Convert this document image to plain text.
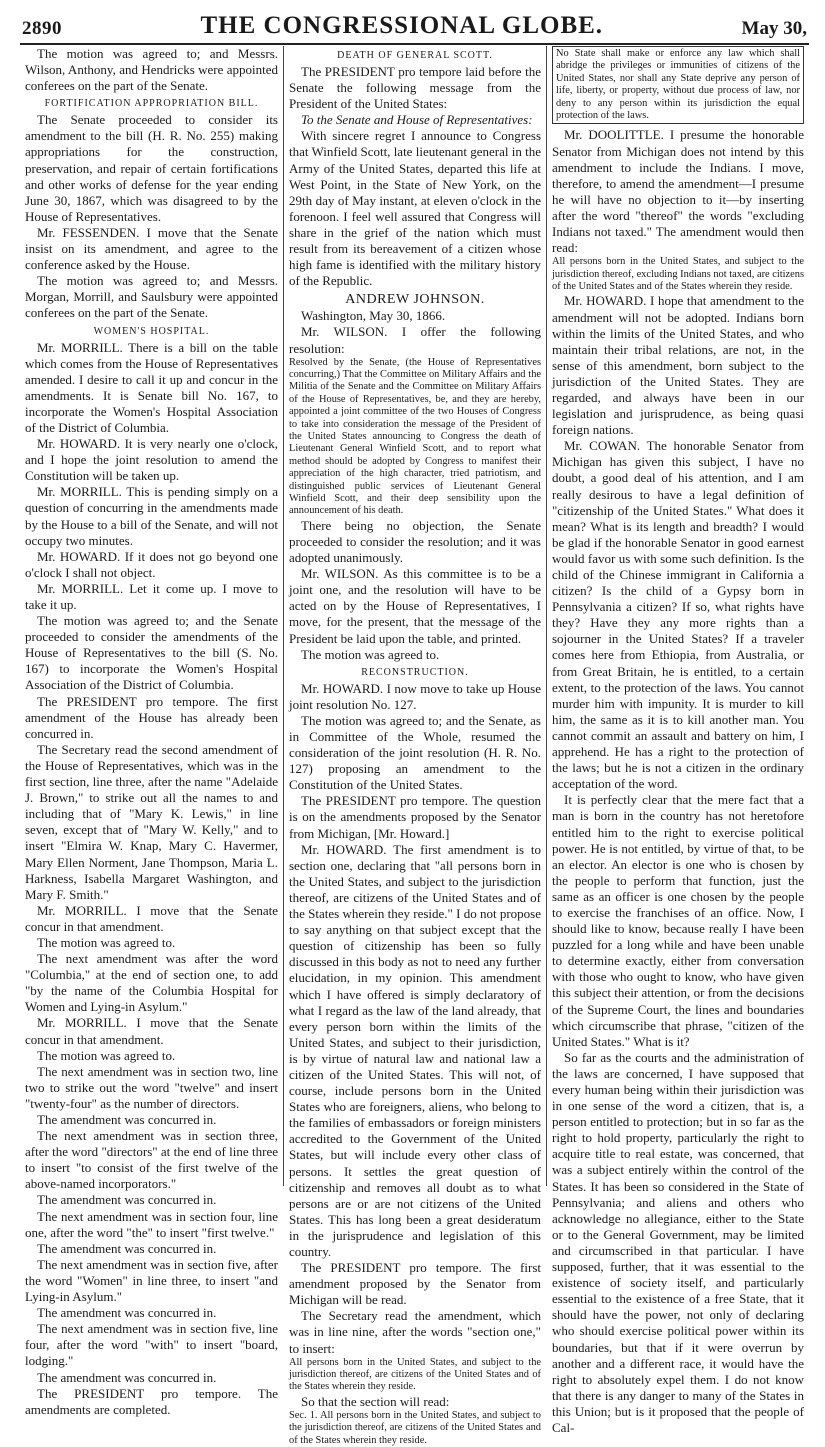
2890	THE CONGRESSIONAL GLOBE.	May 30,

The motion was agreed to; and Messrs. Wilson, Anthony, and Hendricks were appointed conferees on the part of the Senate.

FORTIFICATION APPROPRIATION BILL.

The Senate proceeded to consider its amendment to the bill (H. R. No. 255) making appropriations for the construction, preservation, and repair of certain fortifications and other works of defense for the year ending June 30, 1867, which was disagreed to by the House of Representatives.

Mr. FESSENDEN. I move that the Senate insist on its amendment, and agree to the conference asked by the House.

The motion was agreed to; and Messrs. Morgan, Morrill, and Saulsbury were appointed conferees on the part of the Senate.

WOMEN'S HOSPITAL.

Mr. MORRILL. There is a bill on the table which comes from the House of Representatives amended. I desire to call it up and concur in the amendments. It is Senate bill No. 167, to incorporate the Women's Hospital Association of the District of Columbia.

Mr. HOWARD. It is very nearly one o'clock, and I hope the joint resolution to amend the Constitution will be taken up.

Mr. MORRILL. This is pending simply on a question of concurring in the amendments made by the House to a bill of the Senate, and will not occupy two minutes.

Mr. HOWARD. If it does not go beyond one o'clock I shall not object.

Mr. MORRILL. Let it come up. I move to take it up.

The motion was agreed to; and the Senate proceeded to consider the amendments of the House of Representatives to the bill (S. No. 167) to incorporate the Women's Hospital Association of the District of Columbia.

The PRESIDENT pro tempore. The first amendment of the House has already been concurred in.

The Secretary read the second amendment of the House of Representatives, which was in the first section, line three, after the name "Adelaide J. Brown," to strike out all the names to and including that of "Mary K. Lewis," in line seven, except that of "Mary W. Kelly," and to insert "Elmira W. Knap, Mary C. Havermer, Mary Ellen Norment, Jane Thompson, Maria L. Harkness, Isabella Margaret Washington, and Mary F. Smith."

Mr. MORRILL. I move that the Senate concur in that amendment.

The motion was agreed to.

The next amendment was after the word "Columbia," at the end of section one, to add "by the name of the Columbia Hospital for Women and Lying-in Asylum."

Mr. MORRILL. I move that the Senate concur in that amendment.

The motion was agreed to.

The next amendment was in section two, line two to strike out the word "twelve" and insert "twenty-four" as the number of directors.

The amendment was concurred in.

The next amendment was in section three, after the word "directors" at the end of line three to insert "to consist of the first twelve of the above-named incorporators."

The amendment was concurred in.

The next amendment was in section four, line one, after the word "the" to insert "first twelve."

The amendment was concurred in.

The next amendment was in section five, after the word "Women" in line three, to insert "and Lying-in Asylum."

The amendment was concurred in.

The next amendment was in section five, line four, after the word "with" to insert "board, lodging."

The amendment was concurred in.

The PRESIDENT pro tempore. The amendments are completed.

DEATH OF GENERAL SCOTT.

The PRESIDENT pro tempore laid before the Senate the following message from the President of the United States:

To the Senate and House of Representatives:

With sincere regret I announce to Congress that Winfield Scott, late lieutenant general in the Army of the United States, departed this life at West Point, in the State of New York, on the 29th day of May instant, at eleven o'clock in the forenoon. I feel well assured that Congress will share in the grief of the nation which must result from its bereavement of a citizen whose high fame is identified with the military history of the Republic.

ANDREW JOHNSON.

Washington, May 30, 1866.

Mr. WILSON. I offer the following resolution:

Resolved by the Senate, (the House of Representatives concurring,) That the Committee on Military Affairs and the Militia of the Senate and the Committee on Military Affairs of the House of Representatives, be, and they are hereby, appointed a joint committee of the two Houses of Congress to take into consideration the message of the President of the United States announcing to Congress the death of Lieutenant General Winfield Scott, and to report what method should be adopted by Congress to manifest their appreciation of the high character, tried patriotism, and distinguished public services of Lieutenant General Winfield Scott, and their deep sensibility upon the announcement of his death.

There being no objection, the Senate proceeded to consider the resolution; and it was adopted unanimously.

Mr. WILSON. As this committee is to be a joint one, and the resolution will have to be acted on by the House of Representatives, I move, for the present, that the message of the President be laid upon the table, and printed.

The motion was agreed to.

RECONSTRUCTION.

Mr. HOWARD. I now move to take up House joint resolution No. 127.

The motion was agreed to; and the Senate, as in Committee of the Whole, resumed the consideration of the joint resolution (H. R. No. 127) proposing an amendment to the Constitution of the United States.

The PRESIDENT pro tempore. The question is on the amendments proposed by the Senator from Michigan, [Mr. Howard.]

Mr. HOWARD. The first amendment is to section one, declaring that "all persons born in the United States, and subject to the jurisdiction thereof, are citizens of the United States and of the States wherein they reside." I do not propose to say anything on that subject except that the question of citizenship has been so fully discussed in this body as not to need any further elucidation, in my opinion. This amendment which I have offered is simply declaratory of what I regard as the law of the land already, that every person born within the limits of the United States, and subject to their jurisdiction, is by virtue of natural law and national law a citizen of the United States. This will not, of course, include persons born in the United States who are foreigners, aliens, who belong to the families of embassadors or foreign ministers accredited to the Government of the United States, but will include every other class of persons. It settles the great question of citizenship and removes all doubt as to what persons are or are not citizens of the United States. This has long been a great desideratum in the jurisprudence and legislation of this country.

The PRESIDENT pro tempore. The first amendment proposed by the Senator from Michigan will be read.

The Secretary read the amendment, which was in line nine, after the words "section one," to insert:

All persons born in the United States, and subject to the jurisdiction thereof, are citizens of the United States and of the States wherein they reside.

So that the section will read:

Sec. 1. All persons born in the United States, and subject to the jurisdiction thereof, are citizens of the United States and of the States wherein they reside.

No State shall make or enforce any law which shall abridge the privileges or immunities of citizens of the United States, nor shall any State deprive any person of life, liberty, or property, without due process of law, nor deny to any person within its jurisdiction the equal protection of the laws.

Mr. DOOLITTLE. I presume the honorable Senator from Michigan does not intend by this amendment to include the Indians. I move, therefore, to amend the amendment—I presume he will have no objection to it—by inserting after the word "thereof" the words "excluding Indians not taxed." The amendment would then read:

All persons born in the United States, and subject to the jurisdiction thereof, excluding Indians not taxed, are citizens of the United States and of the States wherein they reside.

Mr. HOWARD. I hope that amendment to the amendment will not be adopted. Indians born within the limits of the United States, and who maintain their tribal relations, are not, in the sense of this amendment, born subject to the jurisdiction of the United States. They are regarded, and always have been in our legislation and jurisprudence, as being quasi foreign nations.

Mr. COWAN. The honorable Senator from Michigan has given this subject, I have no doubt, a good deal of his attention, and I am really desirous to have a legal definition of "citizenship of the United States." What does it mean? What is its length and breadth? I would be glad if the honorable Senator in good earnest would favor us with some such definition. Is the child of the Chinese immigrant in California a citizen? Is the child of a Gypsy born in Pennsylvania a citizen? If so, what rights have they? Have they any more rights than a sojourner in the United States? If a traveler comes here from Ethiopia, from Australia, or from Great Britain, he is entitled, to a certain extent, to the protection of the laws. You cannot murder him with impunity. It is murder to kill him, the same as it is to kill another man. You cannot commit an assault and battery on him, I apprehend. He has a right to the protection of the laws; but he is not a citizen in the ordinary acceptation of the word.

It is perfectly clear that the mere fact that a man is born in the country has not heretofore entitled him to the right to exercise political power. He is not entitled, by virtue of that, to be an elector. An elector is one who is chosen by the people to perform that function, just the same as an officer is one chosen by the people to exercise the franchises of an office. Now, I should like to know, because really I have been puzzled for a long while and have been unable to determine exactly, either from conversation with those who ought to know, who have given this subject their attention, or from the decisions of the Supreme Court, the lines and boundaries which circumscribe that phrase, "citizen of the United States." What is it?

So far as the courts and the administration of the laws are concerned, I have supposed that every human being within their jurisdiction was in one sense of the word a citizen, that is, a person entitled to protection; but in so far as the right to hold property, particularly the right to acquire title to real estate, was concerned, that was a subject entirely within the control of the States. It has been so considered in the State of Pennsylvania; and aliens and others who acknowledge no allegiance, either to the State or to the General Government, may be limited and circumscribed in that particular. I have supposed, further, that it was essential to the existence of society itself, and particularly essential to the existence of a free State, that it should have the power, not only of declaring who should exercise political power within its boundaries, but that if it were overrun by another and a different race, it would have the right to absolutely expel them. I do not know that there is any danger to many of the States in this Union; but is it proposed that the people of Cal-
